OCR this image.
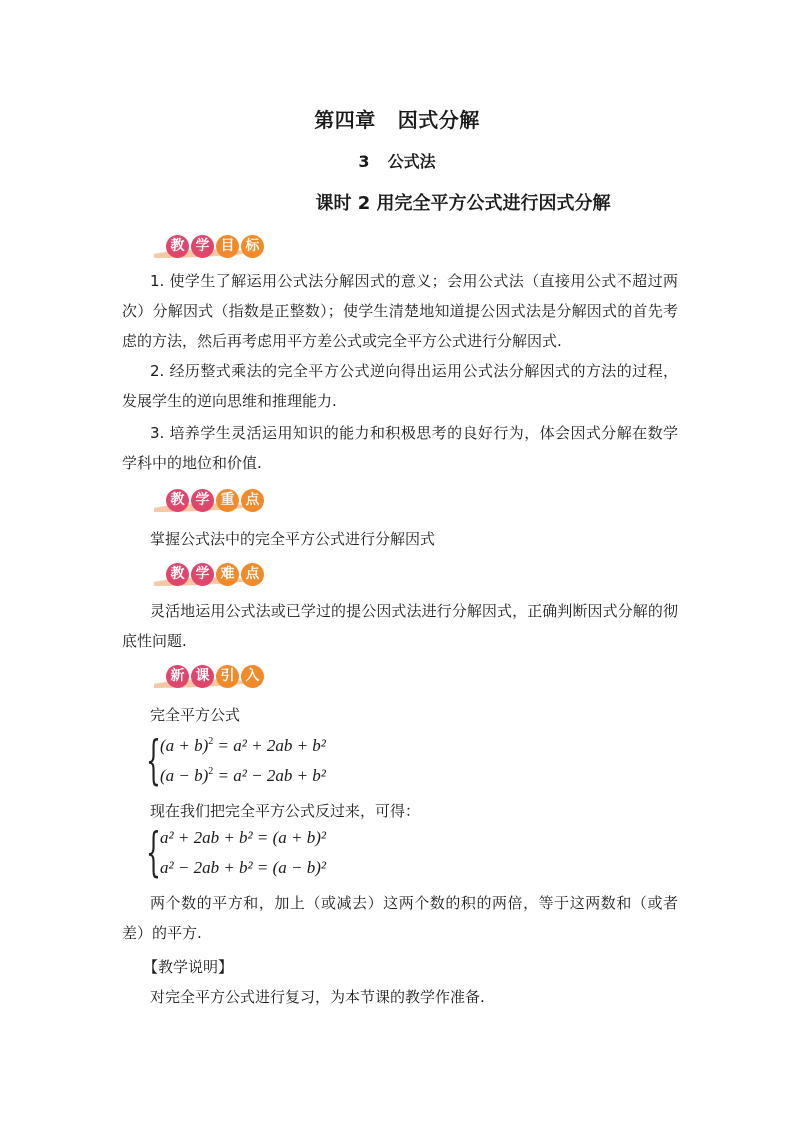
第四章 因式分解
3 公式法
课时 2 用完全平方公式进行因式分解
教 学 目 标
1. 使学生了解运用公式法分解因式的意义；会用公式法（直接用公式不超过两次）分解因式（指数是正整数）；使学生清楚地知道提公因式法是分解因式的首先考虑的方法，然后再考虑用平方差公式或完全平方公式进行分解因式.
2. 经历整式乘法的完全平方公式逆向得出运用公式法分解因式的方法的过程，发展学生的逆向思维和推理能力.
3. 培养学生灵活运用知识的能力和积极思考的良好行为，体会因式分解在数学学科中的地位和价值.
教 学 重 点
掌握公式法中的完全平方公式进行分解因式
教 学 难 点
灵活地运用公式法或已学过的提公因式法进行分解因式，正确判断因式分解的彻底性问题.
新 课 引 入
完全平方公式
{ $(a + b)^2 = a^2 + 2ab + b^2$
$(a - b)^2 = a^2 - 2ab + b^2$
现在我们把完全平方公式反过来，可得：
{ a² + 2ab + b² = (a + b)²
a² − 2ab + b² = (a − b)²
两个数的平方和，加上（或减去）这两个数的积的两倍，等于这两数和（或者差）的平方.
【教学说明】
对完全平方公式进行复习，为本节课的教学作准备.
